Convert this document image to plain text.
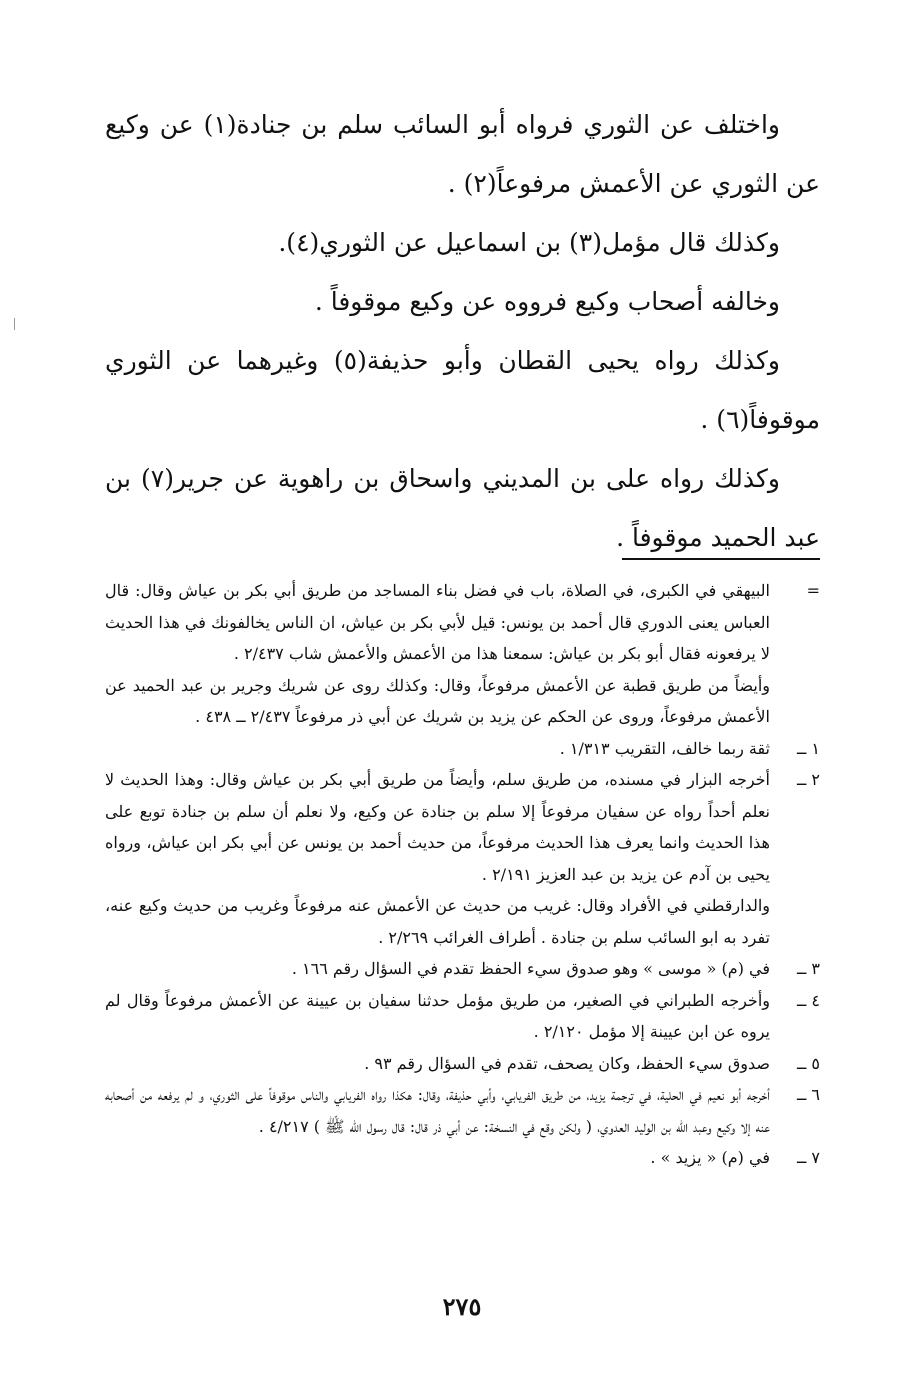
واختلف عن الثوري فرواه أبو السائب سلم بن جنادة(١) عن وكيع عن الثوري عن الأعمش مرفوعاً(٢) .

وكذلك قال مؤمل(٣) بن اسماعيل عن الثوري(٤).

وخالفه أصحاب وكيع فرووه عن وكيع موقوفاً .

وكذلك رواه يحيى القطان وأبو حذيفة(٥) وغيرهما عن الثوري موقوفاً(٦) .

وكذلك رواه على بن المديني واسحاق بن راهوية عن جرير(٧) بن عبد الحميد موقوفاً .

=
البيهقي في الكبرى، في الصلاة، باب في فضل بناء المساجد من طريق أبي بكر بن عياش وقال: قال العباس يعنى الدوري قال أحمد بن يونس: قيل لأبي بكر بن عياش، ان الناس يخالفونك في هذا الحديث لا يرفعونه فقال أبو بكر بن عياش: سمعنا هذا من الأعمش والأعمش شاب ٢/٤٣٧ .
وأيضاً من طريق قطبة عن الأعمش مرفوعاً، وقال: وكذلك روى عن شريك وجرير بن عبد الحميد عن الأعمش مرفوعاً، وروى عن الحكم عن يزيد بن شريك عن أبي ذر مرفوعاً ٢/٤٣٧ ــ ٤٣٨ .
١ ــ
ثقة ربما خالف، التقريب ١/٣١٣ .
٢ ــ
أخرجه البزار في مسنده، من طريق سلم، وأيضاً من طريق أبي بكر بن عياش وقال: وهذا الحديث لا نعلم أحداً رواه عن سفيان مرفوعاً إلا سلم بن جنادة عن وكيع، ولا نعلم أن سلم بن جنادة توبع على هذا الحديث وانما يعرف هذا الحديث مرفوعاً، من حديث أحمد بن يونس عن أبي بكر ابن عياش، ورواه يحيى بن آدم عن يزيد بن عبد العزيز ٢/١٩١ .
والدارقطني في الأفراد وقال: غريب من حديث عن الأعمش عنه مرفوعاً وغريب من حديث وكيع عنه، تفرد به ابو السائب سلم بن جنادة . أطراف الغرائب ٢/٢٦٩ .
٣ ــ
في (م) « موسى » وهو صدوق سيء الحفظ تقدم في السؤال رقم ١٦٦ .
٤ ــ
وأخرجه الطبراني في الصغير، من طريق مؤمل حدثنا سفيان بن عيينة عن الأعمش مرفوعاً وقال لم يروه عن ابن عيينة إلا مؤمل ٢/١٢٠ .
٥ ــ
صدوق سيء الحفظ، وكان يصحف، تقدم في السؤال رقم ٩٣ .
٦ ــ
أخرجه أبو نعيم في الحلية، في ترجمة يزيد، من طريق الفريابي، وأبي حذيفة، وقال: هكذا رواه الفريابي والناس موقوفاً على الثوري، و لم يرفعه من أصحابه عنه إلا وكيع وعبد الله بن الوليد العدوي، ( ولكن وقع في النسخة: عن أبي ذر قال: قال رسول الله ﷺ ) ٤/٢١٧ .
٧ ــ
في (م) « يزيد » .
٢٧٥
